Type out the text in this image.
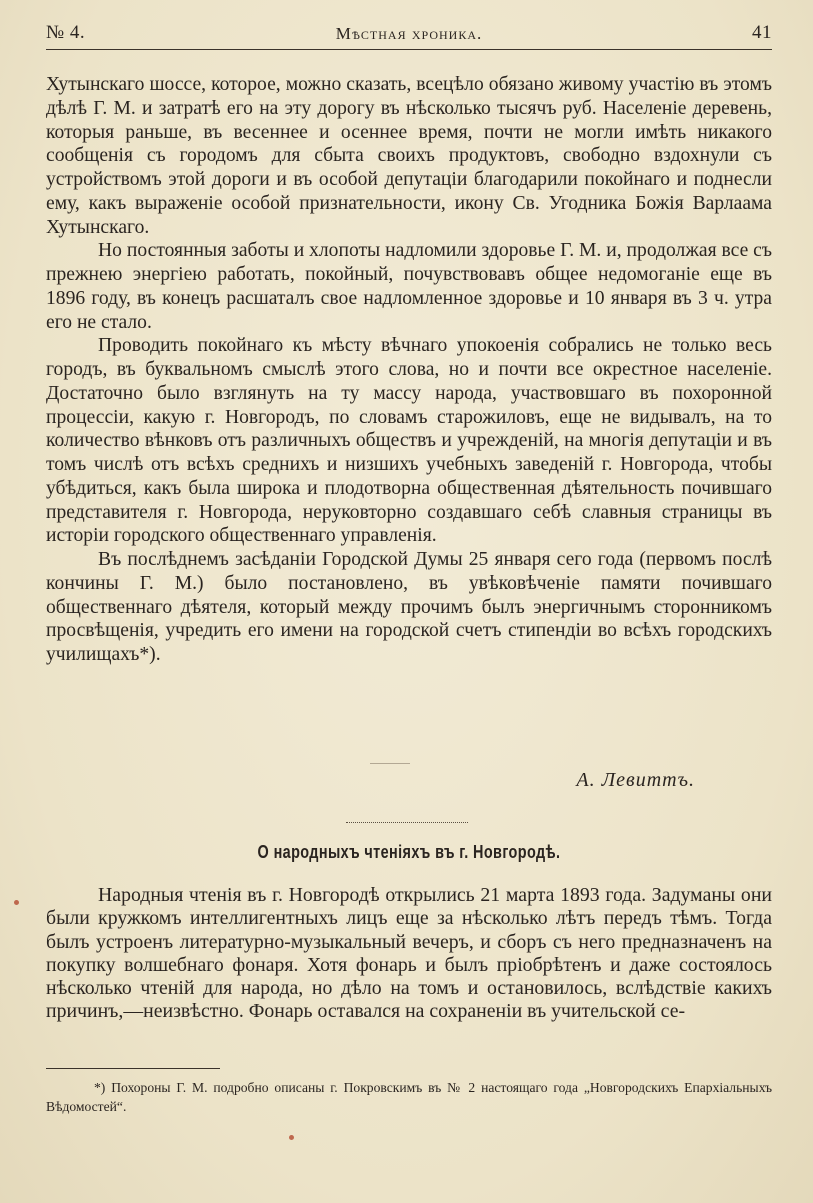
№ 4.	Мѣстная хроника.	41

Хутынскаго шоссе, которое, можно сказать, всецѣло обязано живому участію въ этомъ дѣлѣ Г. М. и затратѣ его на эту дорогу въ нѣсколько тысячъ руб. Населеніе деревень, которыя раньше, въ весеннее и осеннее время, почти не могли имѣть никакого сообщенія съ городомъ для сбыта своихъ продуктовъ, свободно вздохнули съ устройствомъ этой дороги и въ особой депутаціи благодарили покойнаго и поднесли ему, какъ выраженіе особой признательности, икону Св. Угодника Божія Варлаама Хутынскаго.

Но постоянныя заботы и хлопоты надломили здоровье Г. М. и, продолжая все съ прежнею энергіею работать, покойный, почувствовавъ общее недомоганіе еще въ 1896 году, въ конецъ расшаталъ свое надломленное здоровье и 10 января въ 3 ч. утра его не стало.

Проводить покойнаго къ мѣсту вѣчнаго упокоенія собрались не только весь городъ, въ буквальномъ смыслѣ этого слова, но и почти все окрестное населеніе. Достаточно было взглянуть на ту массу народа, участвовшаго въ похоронной процессіи, какую г. Новгородъ, по словамъ старожиловъ, еще не видывалъ, на то количество вѣнковъ отъ различныхъ обществъ и учрежденій, на многія депутаціи и въ томъ числѣ отъ всѣхъ среднихъ и низшихъ учебныхъ заведеній г. Новгорода, чтобы убѣдиться, какъ была широка и плодотворна общественная дѣятельность почившаго представителя г. Новгорода, неруковторно создавшаго себѣ славныя страницы въ исторіи городского общественнаго управленія.

Въ послѣднемъ засѣданіи Городской Думы 25 января сего года (первомъ послѣ кончины Г. М.) было постановлено, въ увѣковѣченіе памяти почившаго общественнаго дѣятеля, который между прочимъ былъ энергичнымъ сторонникомъ просвѣщенія, учредить его имени на городской счетъ стипендіи во всѣхъ городскихъ училищахъ*).

А. Левиттъ.
О народныхъ чтеніяхъ въ г. Новгородѣ.

Народныя чтенія въ г. Новгородѣ открылись 21 марта 1893 года. Задуманы они были кружкомъ интеллигентныхъ лицъ еще за нѣсколько лѣтъ передъ тѣмъ. Тогда былъ устроенъ литературно-музыкальный вечеръ, и сборъ съ него предназначенъ на покупку волшебнаго фонаря. Хотя фонарь и былъ пріобрѣтенъ и даже состоялось нѣсколько чтеній для народа, но дѣло на томъ и остановилось, вслѣдствіе какихъ причинъ,—неизвѣстно. Фонарь оставался на сохраненіи въ учительской се-

*) Похороны Г. М. подробно описаны г. Покровскимъ въ № 2 настоящаго года „Новгородскихъ Епархіальныхъ Вѣдомостей“.
